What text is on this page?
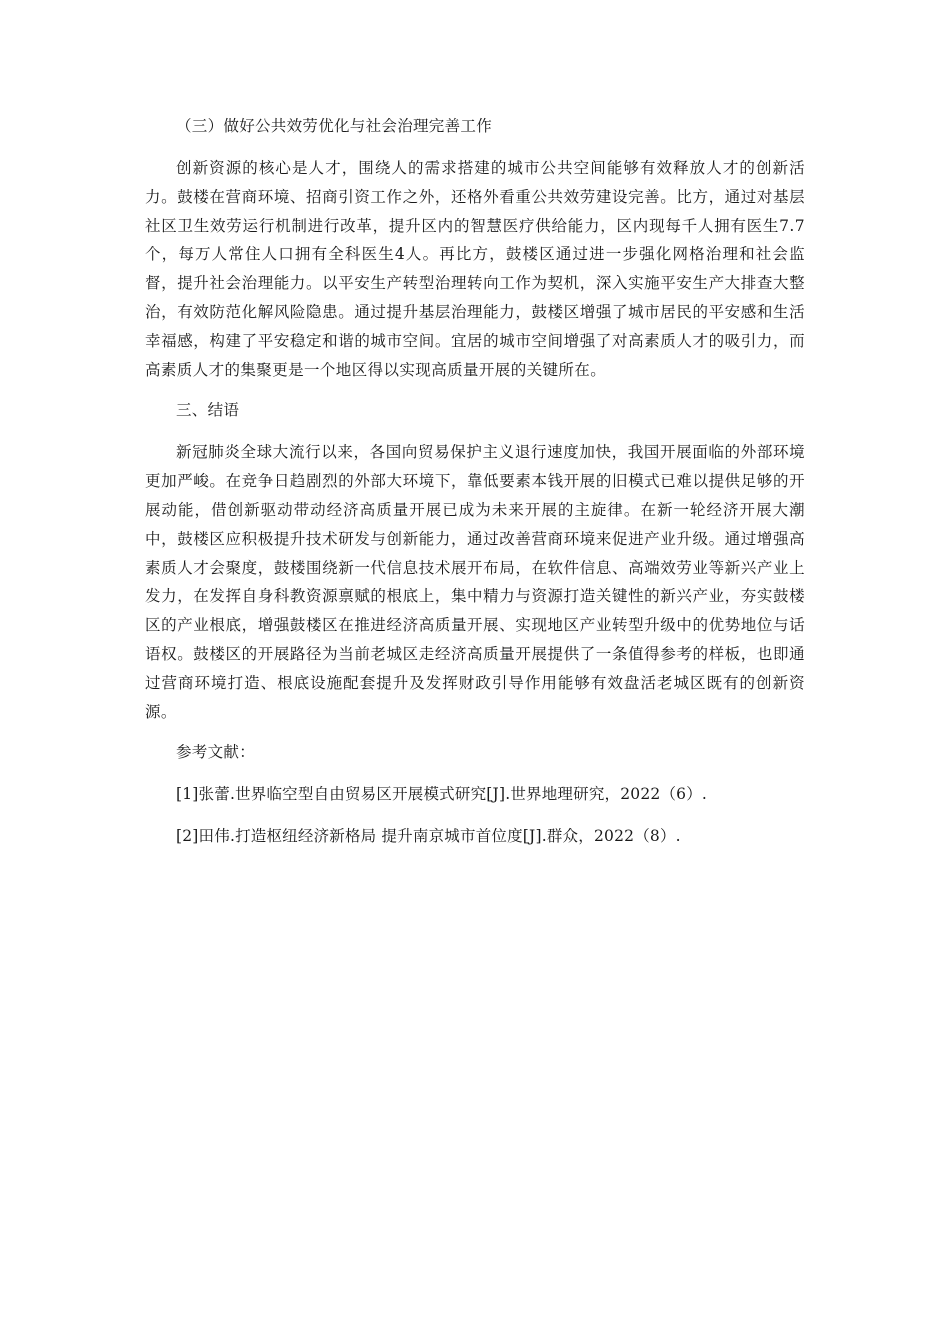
（三）做好公共效劳优化与社会治理完善工作

创新资源的核心是人才，围绕人的需求搭建的城市公共空间能够有效释放人才的创新活力。鼓楼在营商环境、招商引资工作之外，还格外看重公共效劳建设完善。比方，通过对基层社区卫生效劳运行机制进行改革，提升区内的智慧医疗供给能力，区内现每千人拥有医生7.7个，每万人常住人口拥有全科医生4人。再比方，鼓楼区通过进一步强化网格治理和社会监督，提升社会治理能力。以平安生产转型治理转向工作为契机，深入实施平安生产大排查大整治，有效防范化解风险隐患。通过提升基层治理能力，鼓楼区增强了城市居民的平安感和生活幸福感，构建了平安稳定和谐的城市空间。宜居的城市空间增强了对高素质人才的吸引力，而高素质人才的集聚更是一个地区得以实现高质量开展的关键所在。

三、结语

新冠肺炎全球大流行以来，各国向贸易保护主义退行速度加快，我国开展面临的外部环境更加严峻。在竞争日趋剧烈的外部大环境下，靠低要素本钱开展的旧模式已难以提供足够的开展动能，借创新驱动带动经济高质量开展已成为未来开展的主旋律。在新一轮经济开展大潮中，鼓楼区应积极提升技术研发与创新能力，通过改善营商环境来促进产业升级。通过增强高素质人才会聚度，鼓楼围绕新一代信息技术展开布局，在软件信息、高端效劳业等新兴产业上发力，在发挥自身科教资源禀赋的根底上，集中精力与资源打造关键性的新兴产业，夯实鼓楼区的产业根底，增强鼓楼区在推进经济高质量开展、实现地区产业转型升级中的优势地位与话语权。鼓楼区的开展路径为当前老城区走经济高质量开展提供了一条值得参考的样板，也即通过营商环境打造、根底设施配套提升及发挥财政引导作用能够有效盘活老城区既有的创新资源。

参考文献：

[1]张蕾.世界临空型自由贸易区开展模式研究[J].世界地理研究，2022（6）.

[2]田伟.打造枢纽经济新格局 提升南京城市首位度[J].群众，2022（8）.
